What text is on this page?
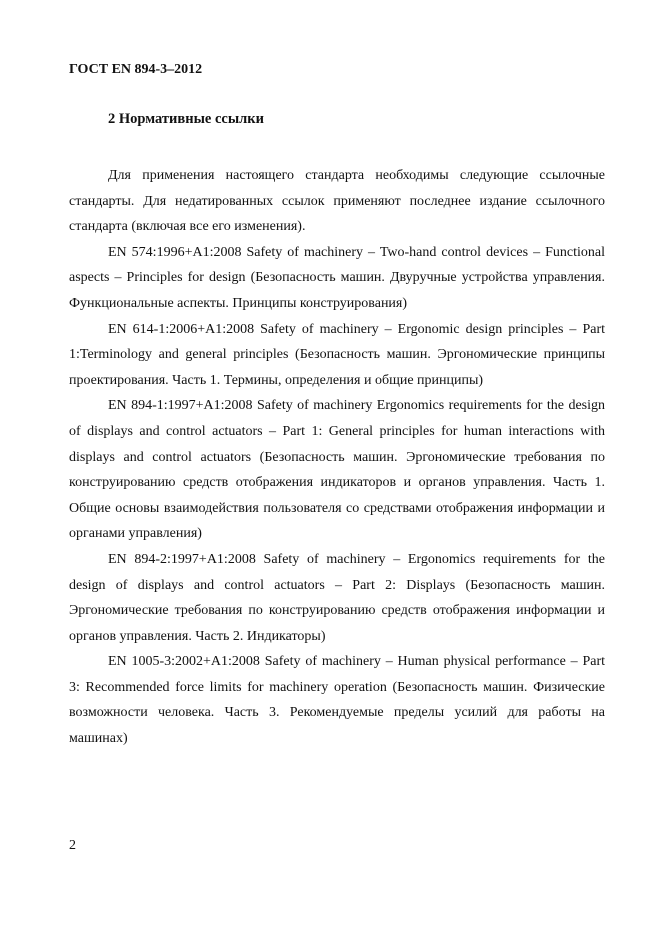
ГОСТ EN 894-3–2012
2 Нормативные ссылки

Для применения настоящего стандарта необходимы следующие ссылочные стандарты. Для недатированных ссылок применяют последнее издание ссылочного стандарта (включая все его изменения).

EN 574:1996+A1:2008 Safety of machinery – Two-hand control devices – Functional aspects – Principles for design (Безопасность машин. Двуручные устройства управления. Функциональные аспекты. Принципы конструирования)

EN 614-1:2006+A1:2008 Safety of machinery – Ergonomic design principles – Part 1:Terminology and general principles (Безопасность машин. Эргономические принципы проектирования. Часть 1. Термины, определения и общие принципы)

EN 894-1:1997+A1:2008 Safety of machinery Ergonomics requirements for the design of displays and control actuators – Part 1: General principles for human interactions with displays and control actuators (Безопасность машин. Эргономические требования по конструированию средств отображения индикаторов и органов управления. Часть 1. Общие основы взаимодействия пользователя со средствами отображения информации и органами управления)

EN 894-2:1997+A1:2008 Safety of machinery – Ergonomics requirements for the design of displays and control actuators – Part 2: Displays (Безопасность машин. Эргономические требования по конструированию средств отображения информации и органов управления. Часть 2. Индикаторы)

EN 1005-3:2002+A1:2008 Safety of machinery – Human physical performance – Part 3: Recommended force limits for machinery operation (Безопасность машин. Физические возможности человека. Часть 3. Рекомендуемые пределы усилий для работы на машинах)

2
